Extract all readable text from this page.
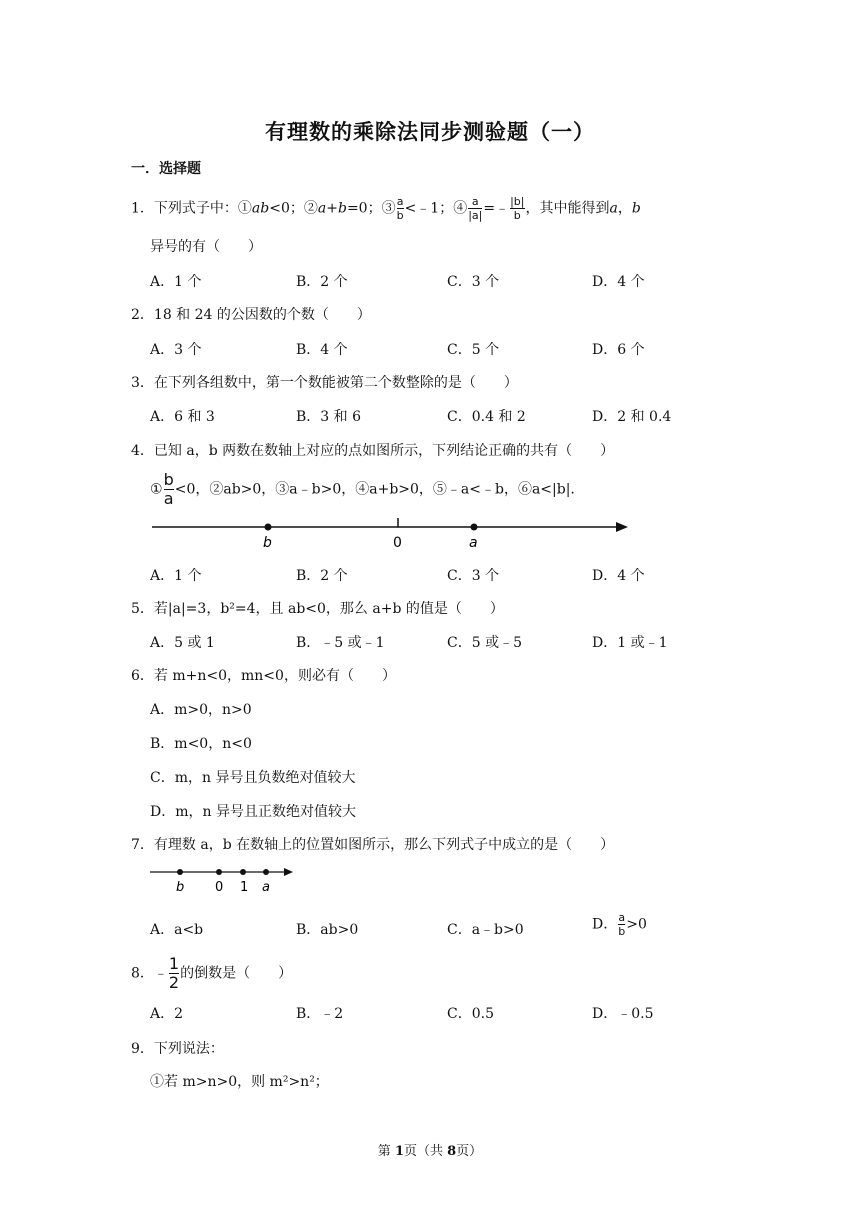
有理数的乘除法同步测验题（一）
一．选择题
1．下列式子中：①ab<0；②a+b=0；③ $\frac{a}{b}$ <﹣1；④ $\frac{a}{|a|}$ =﹣ $\frac{|b|}{b}$ ，其中能得到a，b
异号的有（　　）
A．1 个	B．2 个	C．3 个	D．4 个
2．18 和 24 的公因数的个数（　　）
A．3 个	B．4 个	C．5 个	D．6 个
3．在下列各组数中，第一个数能被第二个数整除的是（　　）
A．6 和 3	B．3 和 6	C．0.4 和 2	D．2 和 0.4
4．已知 a，b 两数在数轴上对应的点如图所示，下列结论正确的共有（　　）
① $\frac{b}{a} <0$，②ab>0，③a﹣b>0，④a+b>0，⑤﹣a<﹣b，⑥a<|b|.
b	0	a
A．1 个	B．2 个	C．3 个	D．4 个
5．若|a|=3，b²=4，且 ab<0，那么 a+b 的值是（　　）
A．5 或 1	B．﹣5 或﹣1	C．5 或﹣5	D．1 或﹣1
6．若 m+n<0，mn<0，则必有（　　）
A．m>0，n>0
B．m<0，n<0
C．m，n 异号且负数绝对值较大
D．m，n 异号且正数绝对值较大
7．有理数 a，b 在数轴上的位置如图所示，那么下列式子中成立的是（　　）
b 0 1 a
A．a<b	B．ab>0	C．a﹣b>0	D． $\frac{a}{b} >0$
8．﹣ $\frac{1}{2}$ 的倒数是（　　）
A．2	B．﹣2	C．0.5	D．﹣0.5
9．下列说法：
①若 m>n>0，则 m²>n²；
第 1页（共 8页）
